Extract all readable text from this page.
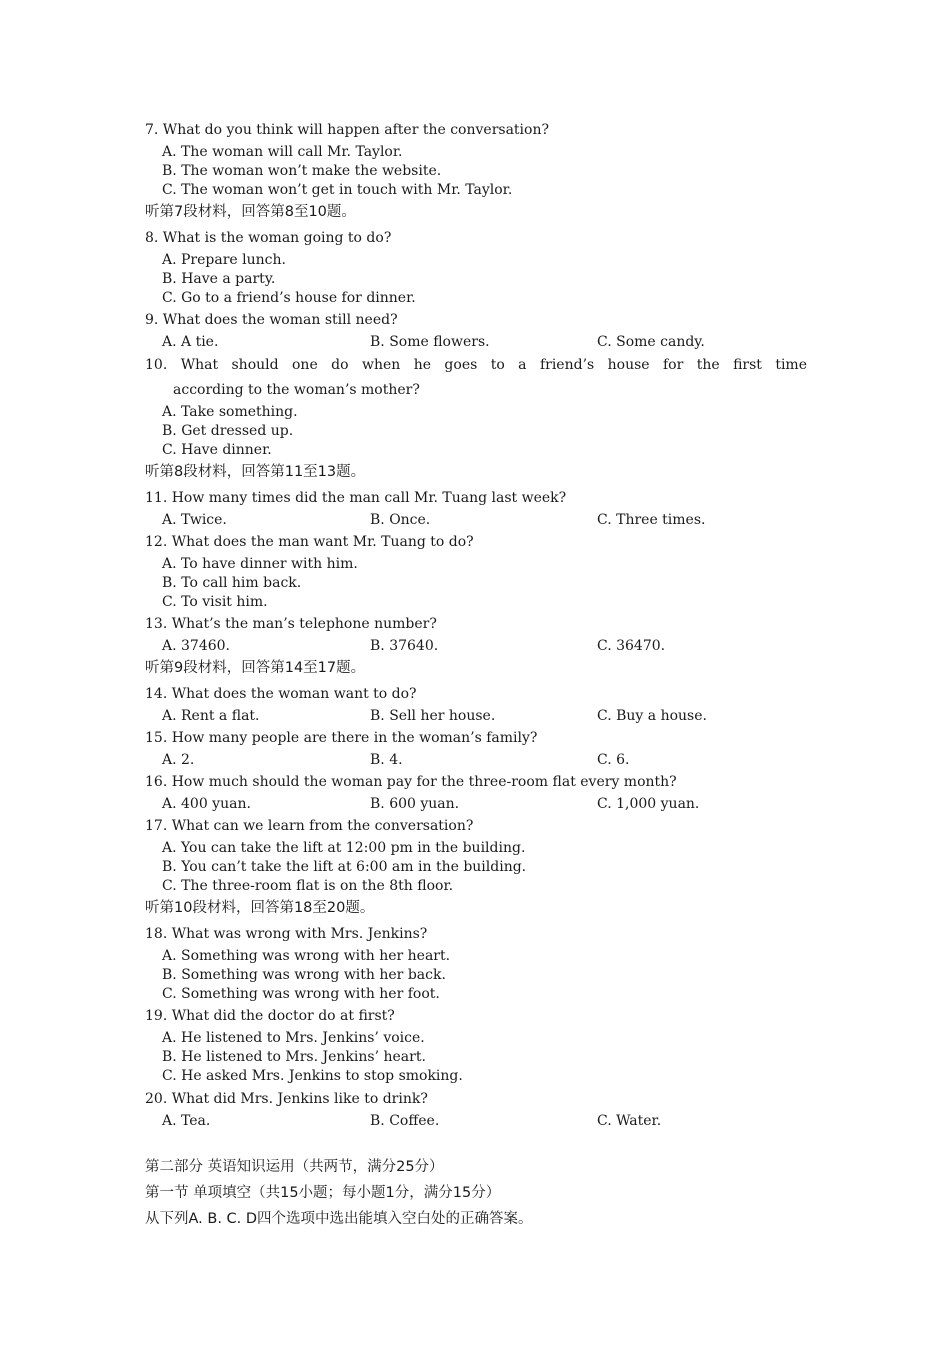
7. What do you think will happen after the conversation?
A. The woman will call Mr. Taylor.
B. The woman won’t make the website.
C. The woman won’t get in touch with Mr. Taylor.
听第7段材料，回答第8至10题。
8. What is the woman going to do?
A. Prepare lunch.
B. Have a party.
C. Go to a friend’s house for dinner.
9. What does the woman still need?
A. A tie.	B. Some flowers.	C. Some candy.
10. What should one do when he goes to a friend’s house for the first time
according to the woman’s mother?
A. Take something.
B. Get dressed up.
C. Have dinner.
听第8段材料，回答第11至13题。
11. How many times did the man call Mr. Tuang last week?
A. Twice.	B. Once.	C. Three times.
12. What does the man want Mr. Tuang to do?
A. To have dinner with him.
B. To call him back.
C. To visit him.
13. What’s the man’s telephone number?
A. 37460.	B. 37640.	C. 36470.
听第9段材料，回答第14至17题。
14. What does the woman want to do?
A. Rent a flat.	B. Sell her house.	C. Buy a house.
15. How many people are there in the woman’s family?
A. 2.	B. 4.	C. 6.
16. How much should the woman pay for the three-room flat every month?
A. 400 yuan.	B. 600 yuan.	C. 1,000 yuan.
17. What can we learn from the conversation?
A. You can take the lift at 12:00 pm in the building.
B. You can’t take the lift at 6:00 am in the building.
C. The three-room flat is on the 8th floor.
听第10段材料，回答第18至20题。
18. What was wrong with Mrs. Jenkins?
A. Something was wrong with her heart.
B. Something was wrong with her back.
C. Something was wrong with her foot.
19. What did the doctor do at first?
A. He listened to Mrs. Jenkins’ voice.
B. He listened to Mrs. Jenkins’ heart.
C. He asked Mrs. Jenkins to stop smoking.
20. What did Mrs. Jenkins like to drink?
A. Tea.	B. Coffee.	C. Water.
第二部分 英语知识运用（共两节，满分25分）
第一节 单项填空（共15小题；每小题1分，满分15分）
从下列A. B. C. D四个选项中选出能填入空白处的正确答案。
